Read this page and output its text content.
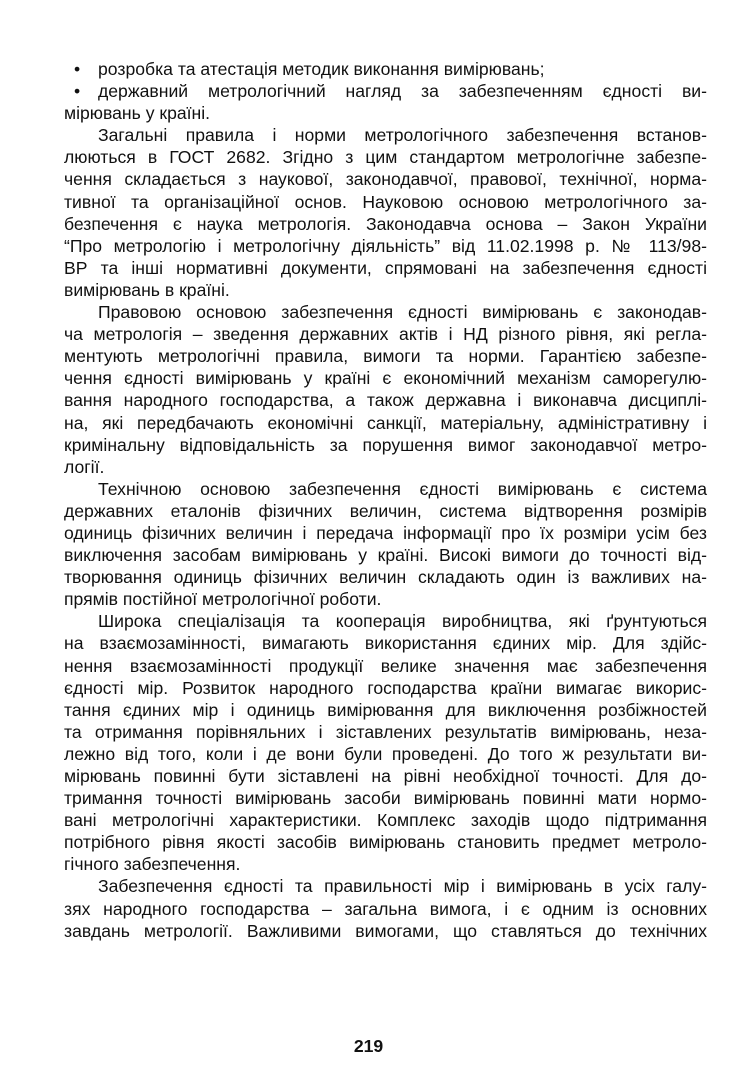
•	розробка та атестація методик виконання вимірювань;
•	державний метрологічний нагляд за забезпеченням єдності ви-
мірювань у країні.
Загальні правила і норми метрологічного забезпечення встанов-
люються в ГОСТ 2682. Згідно з цим стандартом метрологічне забезпе-
чення складається з наукової, законодавчої, правової, технічної, норма-
тивної та організаційної основ. Науковою основою метрологічного за-
безпечення є наука метрологія. Законодавча основа – Закон України
“Про метрологію і метрологічну діяльність” від 11.02.1998 р. № 113/98-
ВР та інші нормативні документи, спрямовані на забезпечення єдності
вимірювань в країні.
Правовою основою забезпечення єдності вимірювань є законодав-
ча метрологія – зведення державних актів і НД різного рівня, які регла-
ментують метрологічні правила, вимоги та норми. Гарантією забезпе-
чення єдності вимірювань у країні є економічний механізм саморегулю-
вання народного господарства, а також державна і виконавча дисциплі-
на, які передбачають економічні санкції, матеріальну, адміністративну і
кримінальну відповідальність за порушення вимог законодавчої метро-
логії.
Технічною основою забезпечення єдності вимірювань є система
державних еталонів фізичних величин, система відтворення розмірів
одиниць фізичних величин і передача інформації про їх розміри усім без
виключення засобам вимірювань у країні. Високі вимоги до точності від-
творювання одиниць фізичних величин складають один із важливих на-
прямів постійної метрологічної роботи.
Широка спеціалізація та кооперація виробництва, які ґрунтуються
на взаємозамінності, вимагають використання єдиних мір. Для здійс-
нення взаємозамінності продукції велике значення має забезпечення
єдності мір. Розвиток народного господарства країни вимагає викорис-
тання єдиних мір і одиниць вимірювання для виключення розбіжностей
та отримання порівняльних і зіставлених результатів вимірювань, неза-
лежно від того, коли і де вони були проведені. До того ж результати ви-
мірювань повинні бути зіставлені на рівні необхідної точності. Для до-
тримання точності вимірювань засоби вимірювань повинні мати нормо-
вані метрологічні характеристики. Комплекс заходів щодо підтримання
потрібного рівня якості засобів вимірювань становить предмет метроло-
гічного забезпечення.
Забезпечення єдності та правильності мір і вимірювань в усіх галу-
зях народного господарства – загальна вимога, і є одним із основних
завдань метрології. Важливими вимогами, що ставляться до технічних
219
